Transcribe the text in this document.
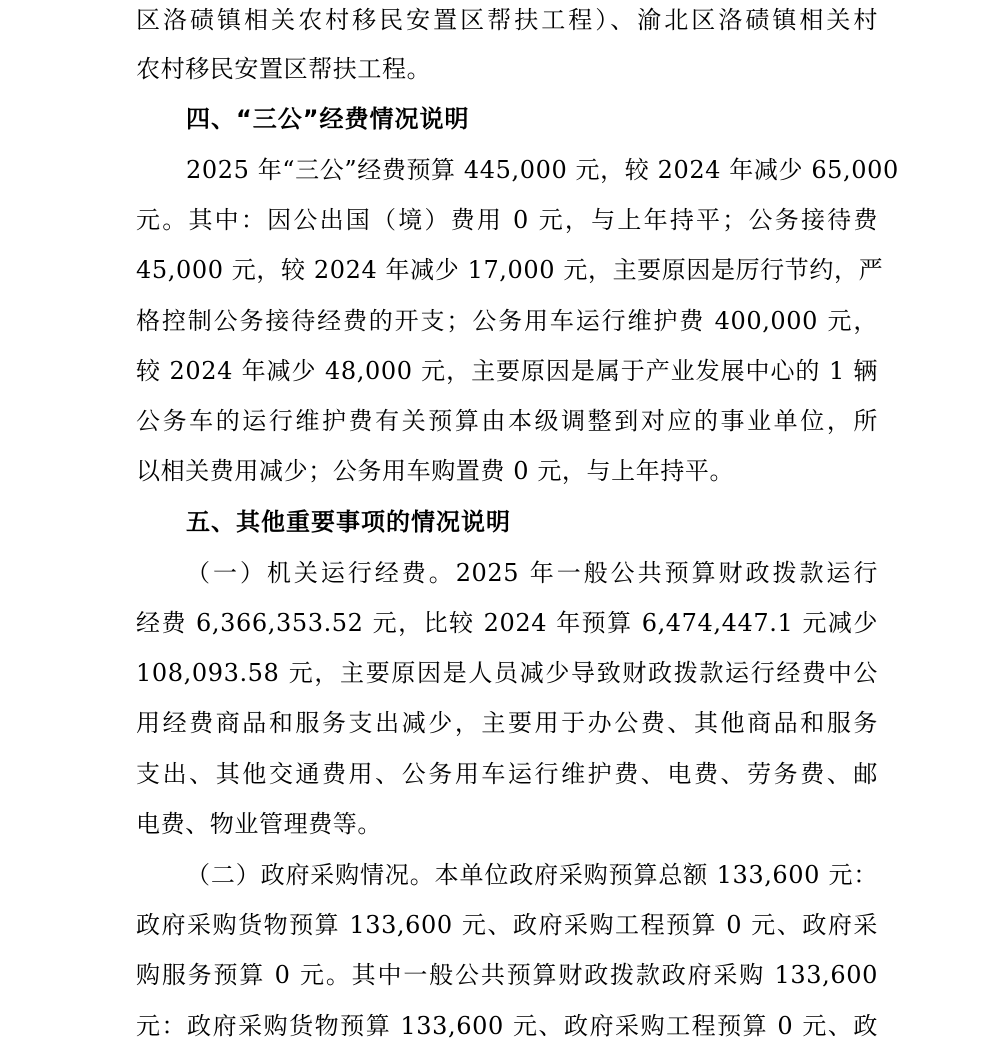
区洛碛镇相关农村移民安置区帮扶工程）、渝北区洛碛镇相关村
农村移民安置区帮扶工程。
四、“三公”经费情况说明
2025 年“三公”经费预算 445,000 元，较 2024 年减少 65,000
元。其中：因公出国（境）费用 0 元，与上年持平；公务接待费
45,000 元，较 2024 年减少 17,000 元，主要原因是厉行节约，严
格控制公务接待经费的开支；公务用车运行维护费 400,000 元，
较 2024 年减少 48,000 元，主要原因是属于产业发展中心的 1 辆
公务车的运行维护费有关预算由本级调整到对应的事业单位，所
以相关费用减少；公务用车购置费 0 元，与上年持平。
五、其他重要事项的情况说明
（一）机关运行经费。2025 年一般公共预算财政拨款运行
经费 6,366,353.52 元，比较 2024 年预算 6,474,447.1 元减少
108,093.58 元，主要原因是人员减少导致财政拨款运行经费中公
用经费商品和服务支出减少，主要用于办公费、其他商品和服务
支出、其他交通费用、公务用车运行维护费、电费、劳务费、邮
电费、物业管理费等。
（二）政府采购情况。本单位政府采购预算总额 133,600 元：
政府采购货物预算 133,600 元、政府采购工程预算 0 元、政府采
购服务预算 0 元。其中一般公共预算财政拨款政府采购 133,600
元：政府采购货物预算 133,600 元、政府采购工程预算 0 元、政
